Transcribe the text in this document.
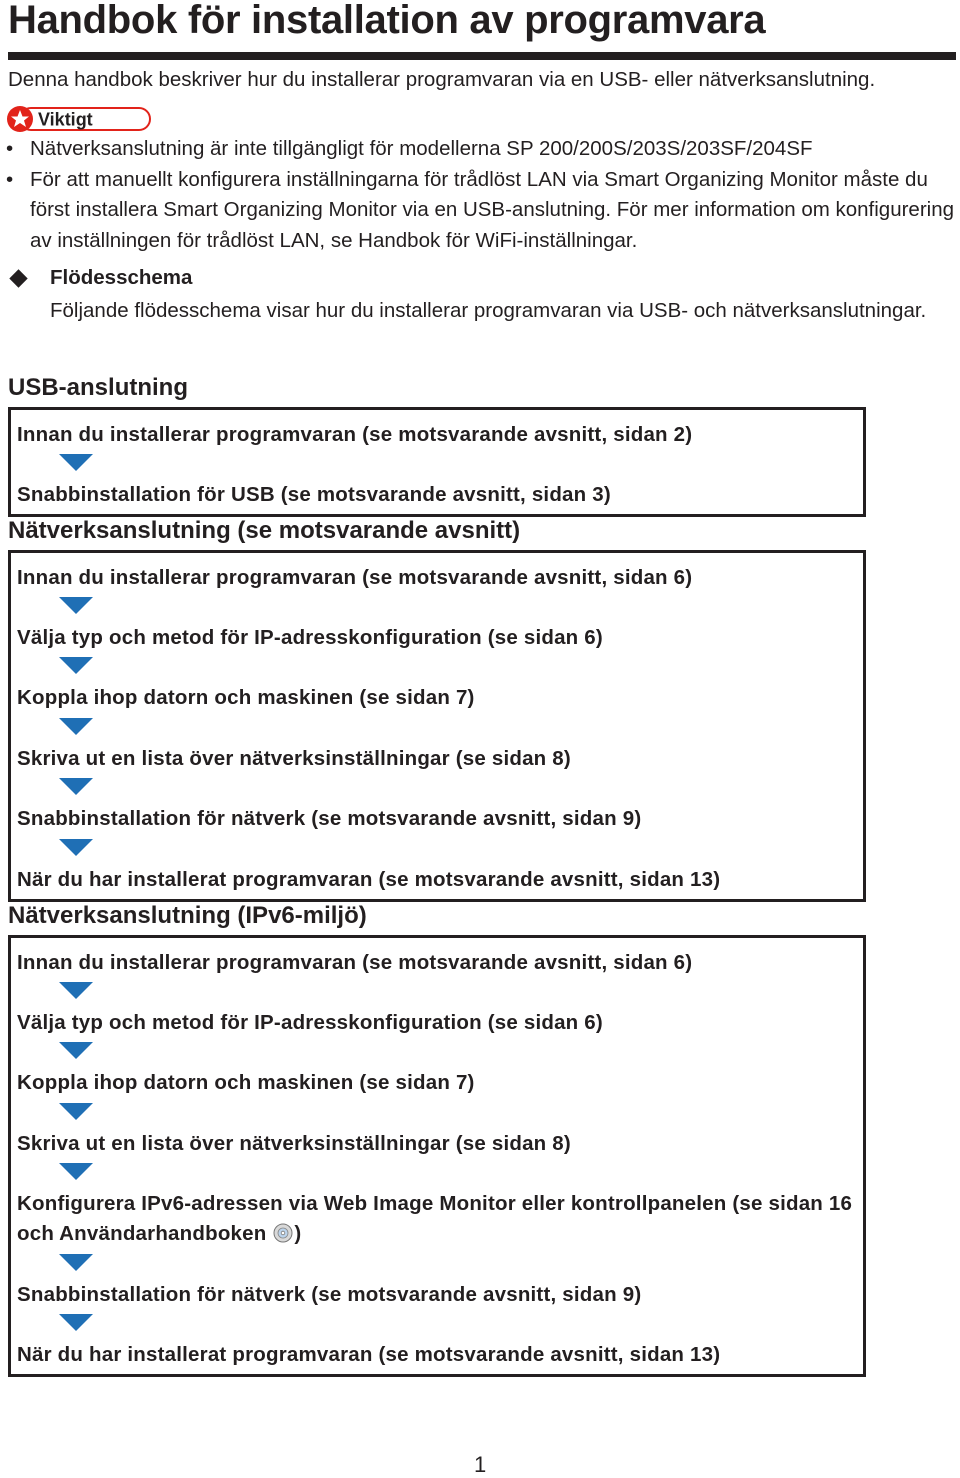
Handbok för installation av programvara
Denna handbok beskriver hur du installerar programvaran via en USB- eller nätverksanslutning.
Viktigt
• Nätverksanslutning är inte tillgängligt för modellerna SP 200/200S/203S/203SF/204SF
• För att manuellt konfigurera inställningarna för trådlöst LAN via Smart Organizing Monitor måste du först installera Smart Organizing Monitor via en USB-anslutning. För mer information om konfigurering av inställningen för trådlöst LAN, se Handbok för WiFi-inställningar.
Flödesschema
Följande flödesschema visar hur du installerar programvaran via USB- och nätverksanslutningar.
USB-anslutning
Innan du installerar programvaran (se motsvarande avsnitt, sidan 2)
Snabbinstallation för USB (se motsvarande avsnitt, sidan 3)
Nätverksanslutning (se motsvarande avsnitt)
Innan du installerar programvaran (se motsvarande avsnitt, sidan 6)
Välja typ och metod för IP-adresskonfiguration (se sidan 6)
Koppla ihop datorn och maskinen (se sidan 7)
Skriva ut en lista över nätverksinställningar (se sidan 8)
Snabbinstallation för nätverk (se motsvarande avsnitt, sidan 9)
När du har installerat programvaran (se motsvarande avsnitt, sidan 13)
Nätverksanslutning (IPv6-miljö)
Innan du installerar programvaran (se motsvarande avsnitt, sidan 6)
Välja typ och metod för IP-adresskonfiguration (se sidan 6)
Koppla ihop datorn och maskinen (se sidan 7)
Skriva ut en lista över nätverksinställningar (se sidan 8)
Konfigurera IPv6-adressen via Web Image Monitor eller kontrollpanelen (se sidan 16 och Användarhandboken )
Snabbinstallation för nätverk (se motsvarande avsnitt, sidan 9)
När du har installerat programvaran (se motsvarande avsnitt, sidan 13)
1
